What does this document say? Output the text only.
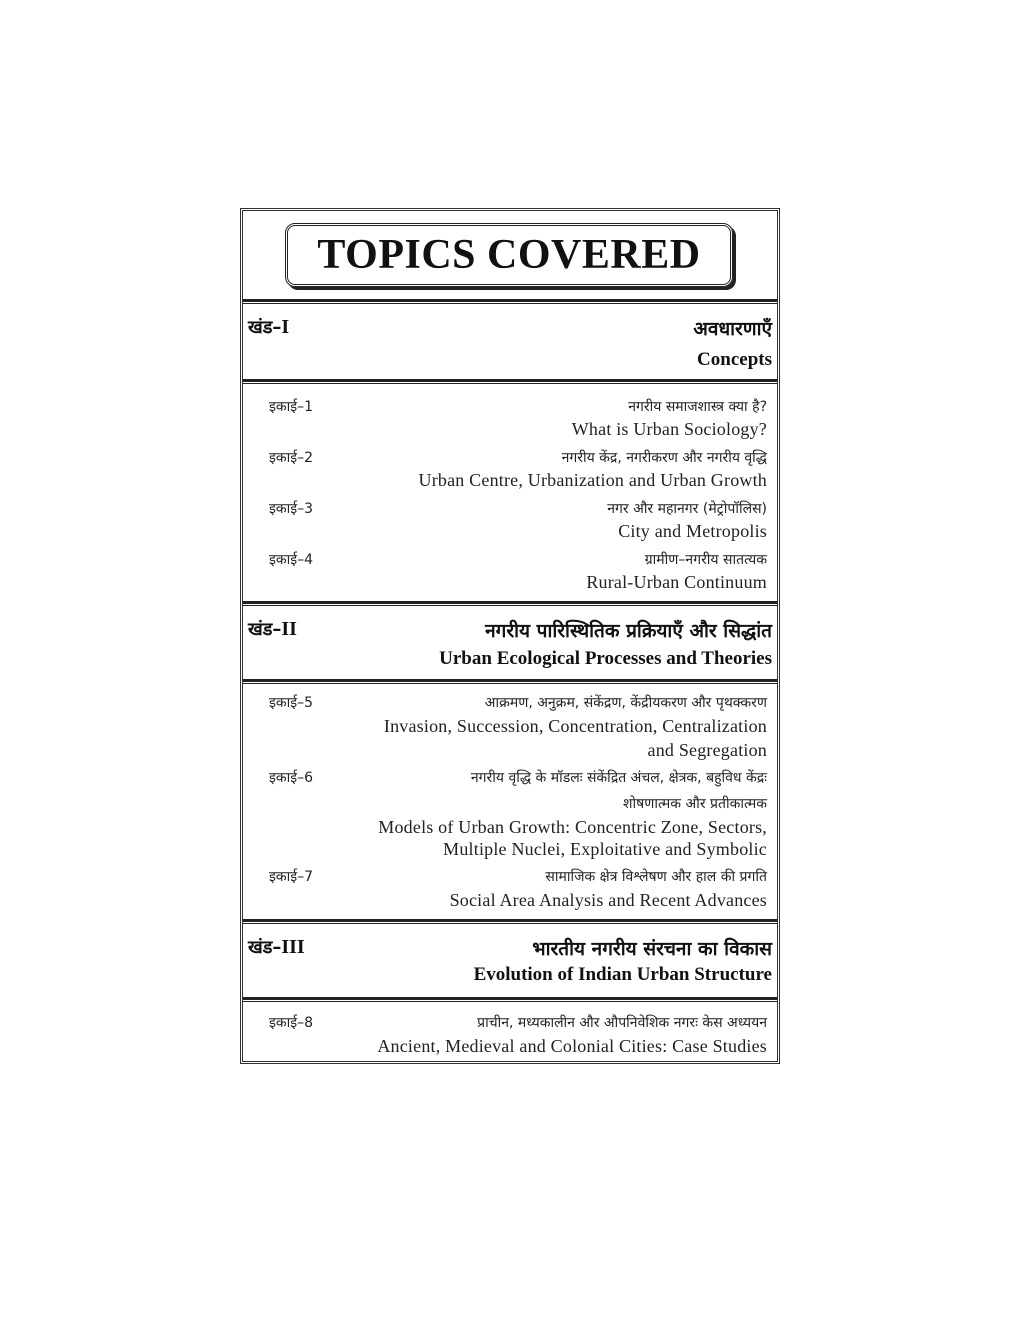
TOPICS COVERED
खंड–I	अवधारणाएँ
Concepts
इकाई–1	नगरीय समाजशास्त्र क्या है?
What is Urban Sociology?
इकाई–2	नगरीय केंद्र, नगरीकरण और नगरीय वृद्धि
Urban Centre, Urbanization and Urban Growth
इकाई–3	नगर और महानगर (मेट्रोपॉलिस)
City and Metropolis
इकाई–4	ग्रामीण–नगरीय सातत्यक
Rural-Urban Continuum
खंड–II	नगरीय पारिस्थितिक प्रक्रियाएँ और सिद्धांत
Urban Ecological Processes and Theories
इकाई–5	आक्रमण, अनुक्रम, संकेंद्रण, केंद्रीयकरण और पृथक्करण
Invasion, Succession, Concentration, Centralization
and Segregation
इकाई–6	नगरीय वृद्धि के मॉडलः संकेंद्रित अंचल, क्षेत्रक, बहुविध केंद्रः
शोषणात्मक और प्रतीकात्मक
Models of Urban Growth: Concentric Zone, Sectors,
Multiple Nuclei, Exploitative and Symbolic
इकाई–7	सामाजिक क्षेत्र विश्लेषण और हाल की प्रगति
Social Area Analysis and Recent Advances
खंड–III	भारतीय नगरीय संरचना का विकास
Evolution of Indian Urban Structure
इकाई–8	प्राचीन, मध्यकालीन और औपनिवेशिक नगरः केस अध्ययन
Ancient, Medieval and Colonial Cities: Case Studies
